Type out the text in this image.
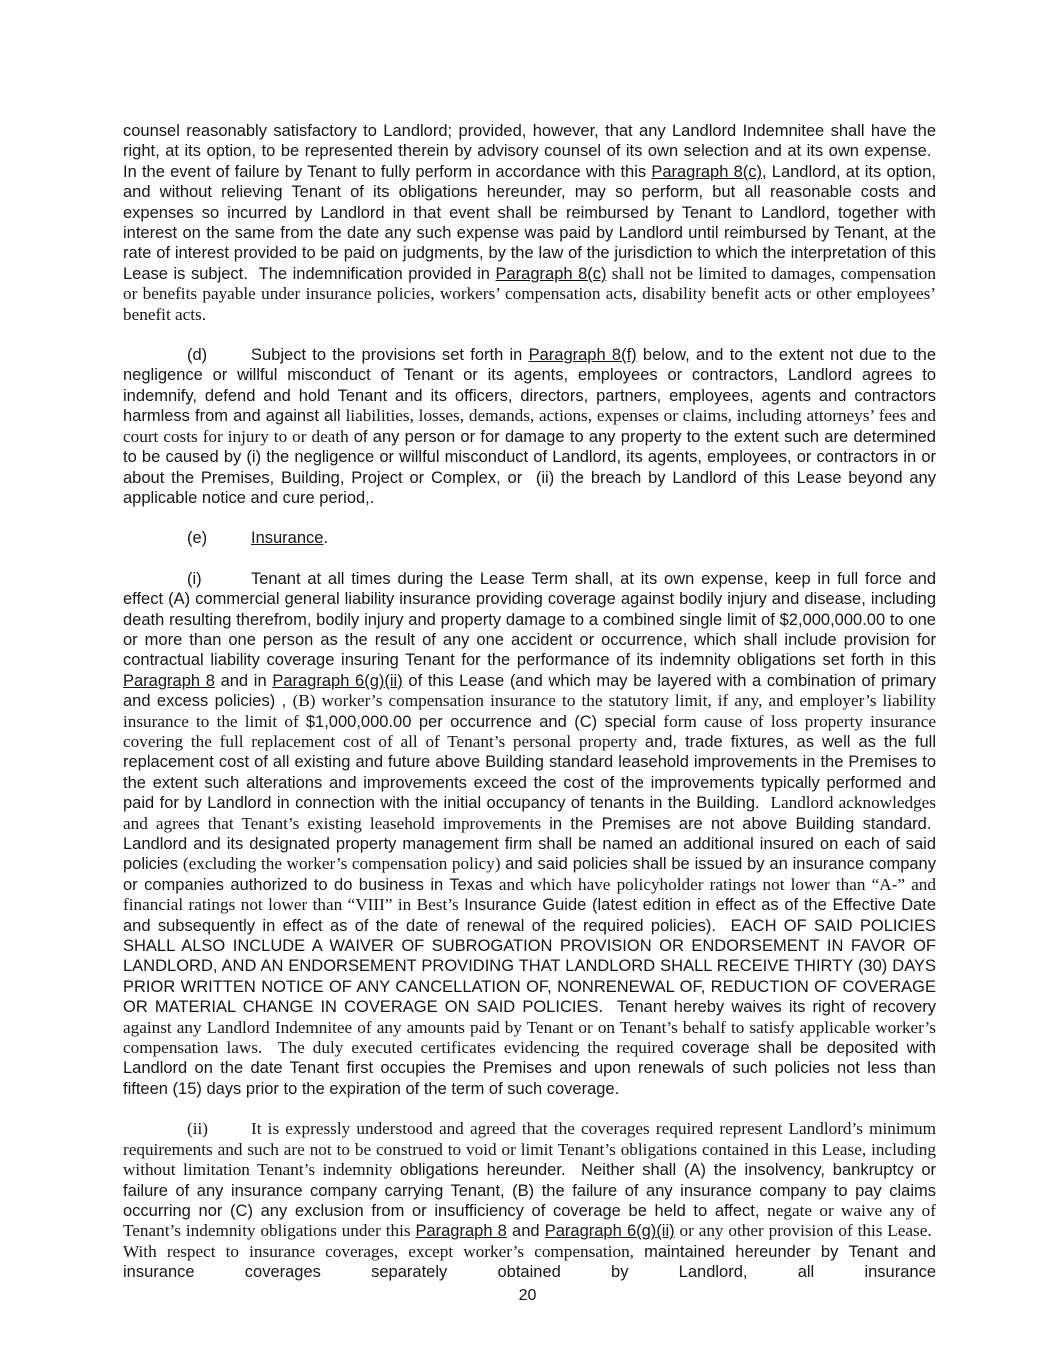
counsel reasonably satisfactory to Landlord; provided, however, that any Landlord Indemnitee shall have the right, at its option, to be represented therein by advisory counsel of its own selection and at its own expense.  In the event of failure by Tenant to fully perform in accordance with this Paragraph 8(c), Landlord, at its option, and without relieving Tenant of its obligations hereunder, may so perform, but all reasonable costs and expenses so incurred by Landlord in that event shall be reimbursed by Tenant to Landlord, together with interest on the same from the date any such expense was paid by Landlord until reimbursed by Tenant, at the rate of interest provided to be paid on judgments, by the law of the jurisdiction to which the interpretation of this Lease is subject.  The indemnification provided in Paragraph 8(c) shall not be limited to damages, compensation or benefits payable under insurance policies, workers’ compensation acts, disability benefit acts or other employees’ benefit acts.

(d)	Subject to the provisions set forth in Paragraph 8(f) below, and to the extent not due to the negligence or willful misconduct of Tenant or its agents, employees or contractors, Landlord agrees to indemnify, defend and hold Tenant and its officers, directors, partners, employees, agents and contractors harmless from and against all liabilities, losses, demands, actions, expenses or claims, including attorneys’ fees and court costs for injury to or death of any person or for damage to any property to the extent such are determined to be caused by (i) the negligence or willful misconduct of Landlord, its agents, employees, or contractors in or about the Premises, Building, Project or Complex, or  (ii) the breach by Landlord of this Lease beyond any applicable notice and cure period,.

(e)	Insurance.

(i)	Tenant at all times during the Lease Term shall, at its own expense, keep in full force and effect (A) commercial general liability insurance providing coverage against bodily injury and disease, including death resulting therefrom, bodily injury and property damage to a combined single limit of $2,000,000.00 to one or more than one person as the result of any one accident or occurrence, which shall include provision for contractual liability coverage insuring Tenant for the performance of its indemnity obligations set forth in this Paragraph 8 and in Paragraph 6(g)(ii) of this Lease (and which may be layered with a combination of primary and excess policies) , (B) worker’s compensation insurance to the statutory limit, if any, and employer’s liability insurance to the limit of $1,000,000.00 per occurrence and (C) special form cause of loss property insurance covering the full replacement cost of all of Tenant’s personal property and, trade fixtures, as well as the full replacement cost of all existing and future above Building standard leasehold improvements in the Premises to the extent such alterations and improvements exceed the cost of the improvements typically performed and paid for by Landlord in connection with the initial occupancy of tenants in the Building.  Landlord acknowledges and agrees that Tenant’s existing leasehold improvements in the Premises are not above Building standard.  Landlord and its designated property management firm shall be named an additional insured on each of said policies (excluding the worker’s compensation policy) and said policies shall be issued by an insurance company or companies authorized to do business in Texas and which have policyholder ratings not lower than “A-” and financial ratings not lower than “VIII” in Best’s Insurance Guide (latest edition in effect as of the Effective Date and subsequently in effect as of the date of renewal of the required policies).  EACH OF SAID POLICIES SHALL ALSO INCLUDE A WAIVER OF SUBROGATION PROVISION OR ENDORSEMENT IN FAVOR OF LANDLORD, AND AN ENDORSEMENT PROVIDING THAT LANDLORD SHALL RECEIVE THIRTY (30) DAYS PRIOR WRITTEN NOTICE OF ANY CANCELLATION OF, NONRENEWAL OF, REDUCTION OF COVERAGE OR MATERIAL CHANGE IN COVERAGE ON SAID POLICIES.  Tenant hereby waives its right of recovery against any Landlord Indemnitee of any amounts paid by Tenant or on Tenant’s behalf to satisfy applicable worker’s compensation laws.  The duly executed certificates evidencing the required coverage shall be deposited with Landlord on the date Tenant first occupies the Premises and upon renewals of such policies not less than fifteen (15) days prior to the expiration of the term of such coverage.

(ii)	It is expressly understood and agreed that the coverages required represent Landlord’s minimum requirements and such are not to be construed to void or limit Tenant’s obligations contained in this Lease, including without limitation Tenant’s indemnity obligations hereunder.  Neither shall (A) the insolvency, bankruptcy or failure of any insurance company carrying Tenant, (B) the failure of any insurance company to pay claims occurring nor (C) any exclusion from or insufficiency of coverage be held to affect, negate or waive any of Tenant’s indemnity obligations under this Paragraph 8 and Paragraph 6(g)(ii) or any other provision of this Lease.  With respect to insurance coverages, except worker’s compensation, maintained hereunder by Tenant and insurance coverages separately obtained by Landlord, all insurance

20
